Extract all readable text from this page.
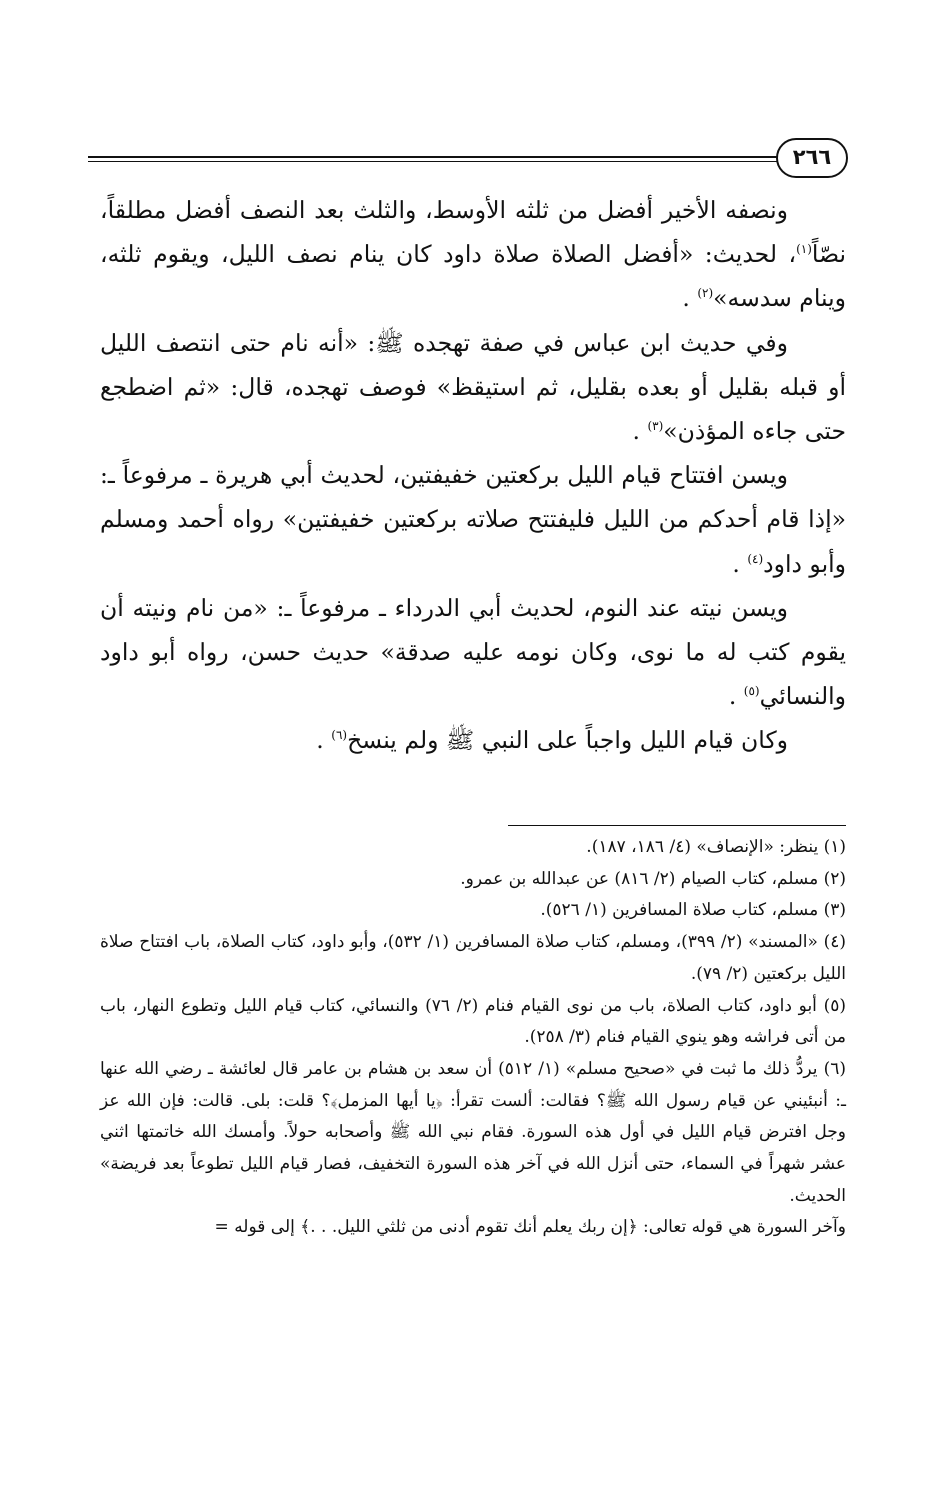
٢٦٦

ونصفه الأخير أفضل من ثلثه الأوسط، والثلث بعد النصف أفضل مطلقاً، نصّاً$^{(١)}$، لحديث: «أفضل الصلاة صلاة داود كان ينام نصف الليل، ويقوم ثلثه، وينام سدسه»$^{(٢)}$ .

وفي حديث ابن عباس في صفة تهجده ﷺ: «أنه نام حتى انتصف الليل أو قبله بقليل أو بعده بقليل، ثم استيقظ» فوصف تهجده، قال: «ثم اضطجع حتى جاءه المؤذن»$^{(٣)}$ .

ويسن افتتاح قيام الليل بركعتين خفيفتين، لحديث أبي هريرة ـ مرفوعاً ـ: «إذا قام أحدكم من الليل فليفتتح صلاته بركعتين خفيفتين» رواه أحمد ومسلم وأبو داود$^{(٤)}$ .

ويسن نيته عند النوم، لحديث أبي الدرداء ـ مرفوعاً ـ: «من نام ونيته أن يقوم كتب له ما نوى، وكان نومه عليه صدقة» حديث حسن، رواه أبو داود والنسائي$^{(٥)}$ .

وكان قيام الليل واجباً على النبي ﷺ ولم ينسخ$^{(٦)}$ .

(١) ينظر: «الإنصاف» (٤/ ١٨٦، ١٨٧).

(٢) مسلم، كتاب الصيام (٢/ ٨١٦) عن عبدالله بن عمرو.

(٣) مسلم، كتاب صلاة المسافرين (١/ ٥٢٦).

(٤) «المسند» (٢/ ٣٩٩)، ومسلم، كتاب صلاة المسافرين (١/ ٥٣٢)، وأبو داود، كتاب الصلاة، باب افتتاح صلاة الليل بركعتين (٢/ ٧٩).

(٥) أبو داود، كتاب الصلاة، باب من نوى القيام فنام (٢/ ٧٦) والنسائي، كتاب قيام الليل وتطوع النهار، باب من أتى فراشه وهو ينوي القيام فنام (٣/ ٢٥٨).

(٦) يردُّ ذلك ما ثبت في «صحيح مسلم» (١/ ٥١٢) أن سعد بن هشام بن عامر قال لعائشة ـ رضي الله عنها ـ: أنبئيني عن قيام رسول الله ﷺ؟ فقالت: ألست تقرأ: ﴿يا أيها المزمل﴾؟ قلت: بلى. قالت: فإن الله عز وجل افترض قيام الليل في أول هذه السورة. فقام نبي الله ﷺ وأصحابه حولاً. وأمسك الله خاتمتها اثني عشر شهراً في السماء، حتى أنزل الله في آخر هذه السورة التخفيف، فصار قيام الليل تطوعاً بعد فريضة» الحديث.

وآخر السورة هي قوله تعالى: ﴿إن ربك يعلم أنك تقوم أدنى من ثلثي الليل. . .﴾ إلى قوله =
